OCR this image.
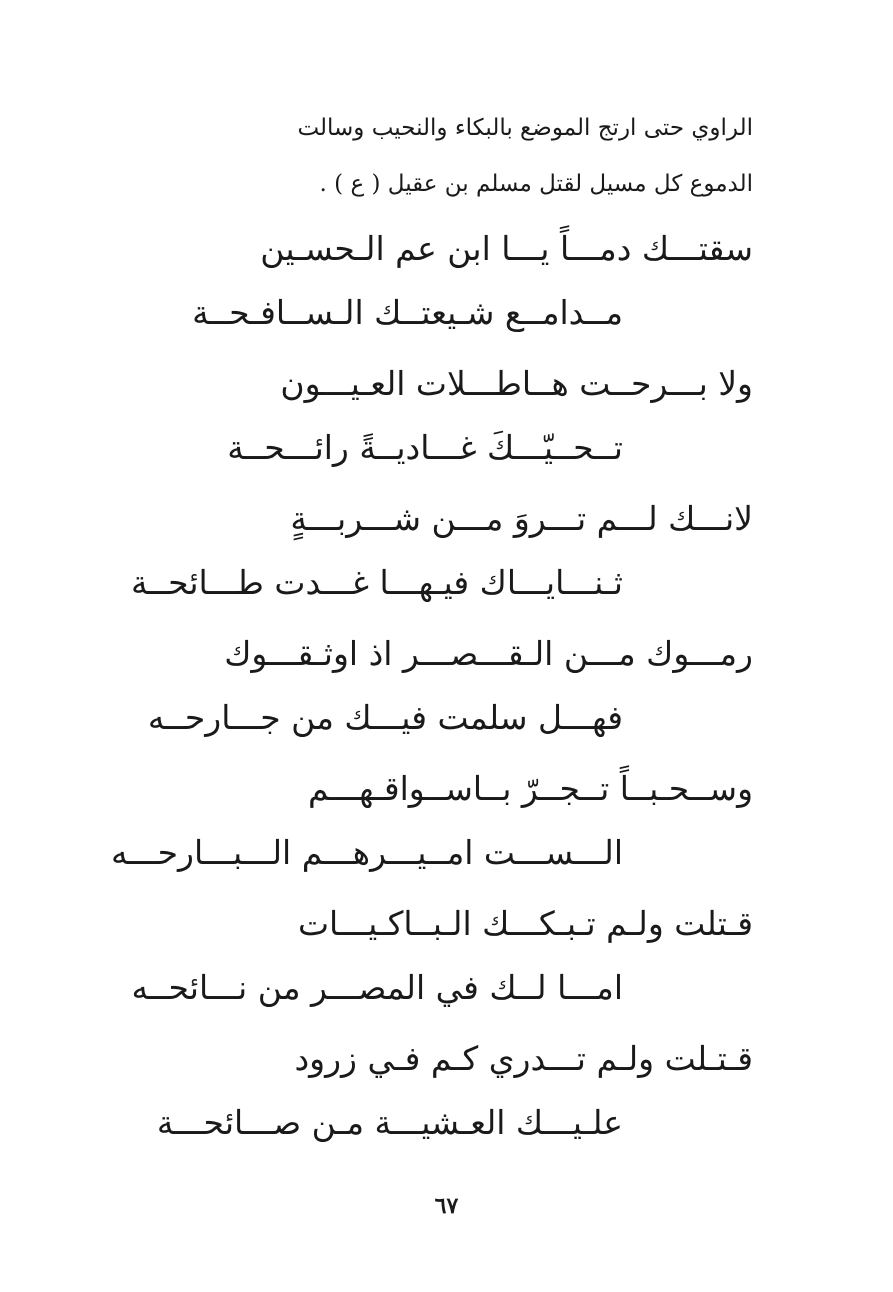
الراوي حتى ارتج الموضع بالبكاء والنحيب وسالت
الدموع كل مسيل لقتل مسلم بن عقيل ( ع ) .
سقتـــك دمـــاً يـــا ابن عم الـحسـين
مــدامــع شـيعتــك الـســافـحــة
ولا بـــرحــت هــاطـــلات العـيـــون
تــحــيّـــكَ غـــاديــةً رائـــحــة
لانـــك لـــم تـــروَ مـــن شـــربـــةٍ
ثـنـــايـــاك فيـهـــا غـــدت طـــائحــة
رمـــوك مـــن الـقـــصـــر اذ اوثـقـــوك
فهـــل سلمت فيـــك من جـــارحــه
وســحـبــاً تــجــرّ بــاســواقـهـــم
الـــســـت امــيـــرهـــم الـــبـــارحـــه
قـتلت ولـم تـبـكـــك الـبــاكـيـــات
امـــا لــك في المصـــر من نـــائحــه
قـتـلت ولـم تـــدري كـم فـي زرود
علـيـــك العـشيـــة مـن صـــائحـــة
٦٧
